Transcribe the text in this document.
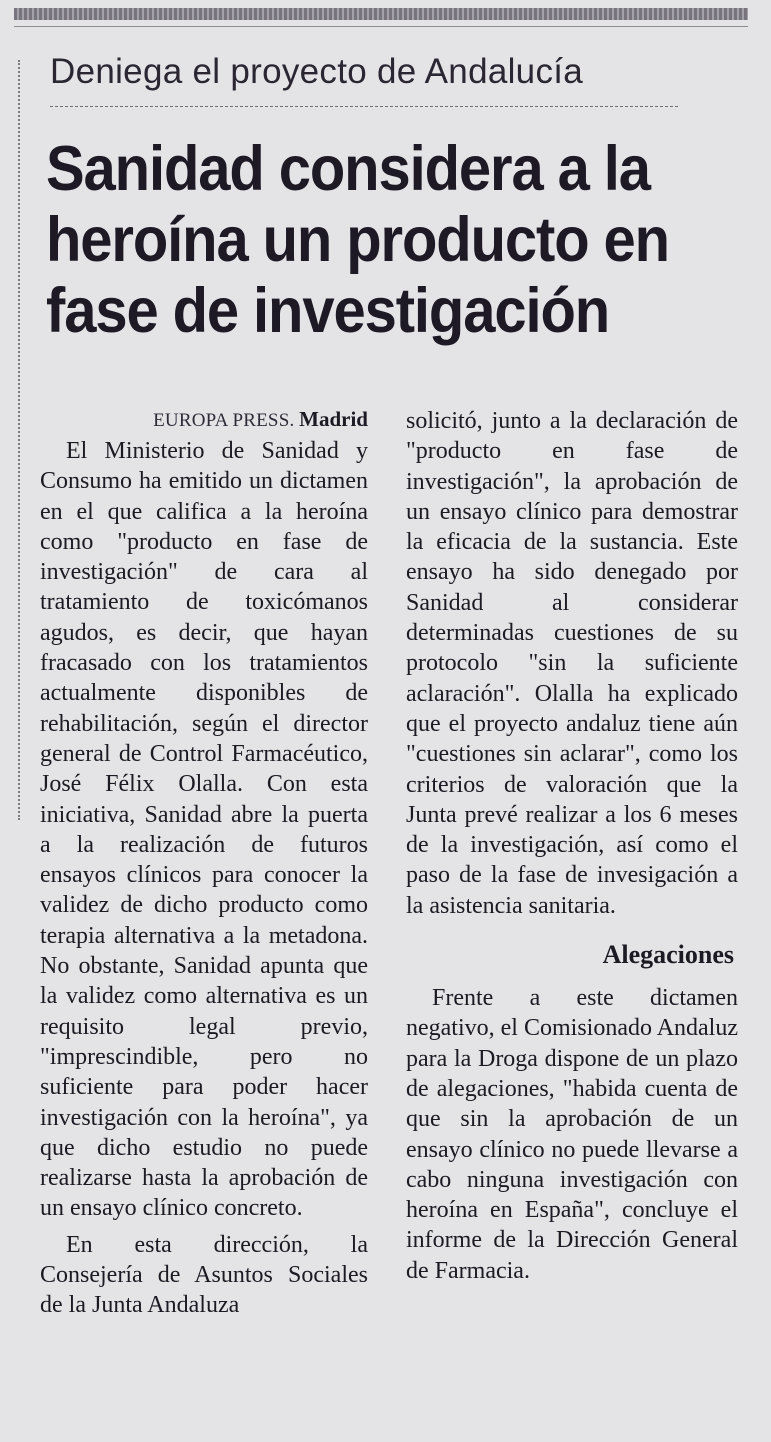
Deniega el proyecto de Andalucía
Sanidad considera a la
heroína un producto en
fase de investigación
EUROPA PRESS. Madrid

El Ministerio de Sanidad y Consumo ha emitido un dictamen en el que califica a la heroína como "producto en fase de investigación" de cara al tratamiento de toxicómanos agudos, es decir, que hayan fracasado con los tratamientos actualmente disponibles de rehabilitación, según el director general de Control Farmacéutico, José Félix Olalla. Con esta iniciativa, Sanidad abre la puerta a la realización de futuros ensayos clínicos para conocer la validez de dicho producto como terapia alternativa a la metadona. No obstante, Sanidad apunta que la validez como alternativa es un requisito legal previo, "imprescindible, pero no suficiente para poder hacer investigación con la heroína", ya que dicho estudio no puede realizarse hasta la aprobación de un ensayo clínico concreto.

En esta dirección, la Consejería de Asuntos Sociales de la Junta Andaluza

solicitó, junto a la declaración de "producto en fase de investigación", la aprobación de un ensayo clínico para demostrar la eficacia de la sustancia. Este ensayo ha sido denegado por Sanidad al considerar determinadas cuestiones de su protocolo "sin la suficiente aclaración". Olalla ha explicado que el proyecto andaluz tiene aún "cuestiones sin aclarar", como los criterios de valoración que la Junta prevé realizar a los 6 meses de la investigación, así como el paso de la fase de invesigación a la asistencia sanitaria.

Alegaciones

Frente a este dictamen negativo, el Comisionado Andaluz para la Droga dispone de un plazo de alegaciones, "habida cuenta de que sin la aprobación de un ensayo clínico no puede llevarse a cabo ninguna investigación con heroína en España", concluye el informe de la Dirección General de Farmacia.
